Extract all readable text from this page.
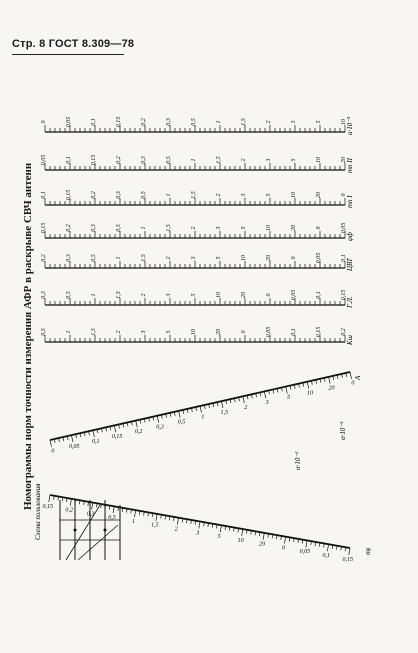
Стр. 8 ГОСТ 8.309—78
Номограммы норм точности измерения АФР в раскрыве СВЧ антенн
Схема пользования
0
0,05
0,1
0,15
0,2
0,3
0,5
1
1,5
2
3
5
10
20
0
0,15
0,2
0,3
0,5
1
1,5
2
3
5
10
20
0
0,05
0,1
0,15
0	0,05	0,1	0,15	0,2	0,3	0,5	1	1,5	2	3	5	10
0,05	0,1	0,15	0,2	0,3	0,5	1	1,5	2	3	5	10	20
0,1	0,15	0,2	0,3	0,5	1	1,5	2	3	5	10	20	0
0,15	0,2	0,3	0,5	1	1,5	2	3	5	10	20	0	0,05
0,2	0,3	0,5	1	1,5	2	3	5	10	20	0	0,05	0,1
0,3	0,5	1	1,5	2	3	5	10	20	0	0,05	0,1	0,15
0,5	1	1,5	2	3	5	10	20	0	0,05	0,1	0,15	0,2
Kш
Г.Л.
ЦВТ
φф
тп I
тп II
a·10⁻³
α·10⁻²
α·10⁻³
σφ
A
